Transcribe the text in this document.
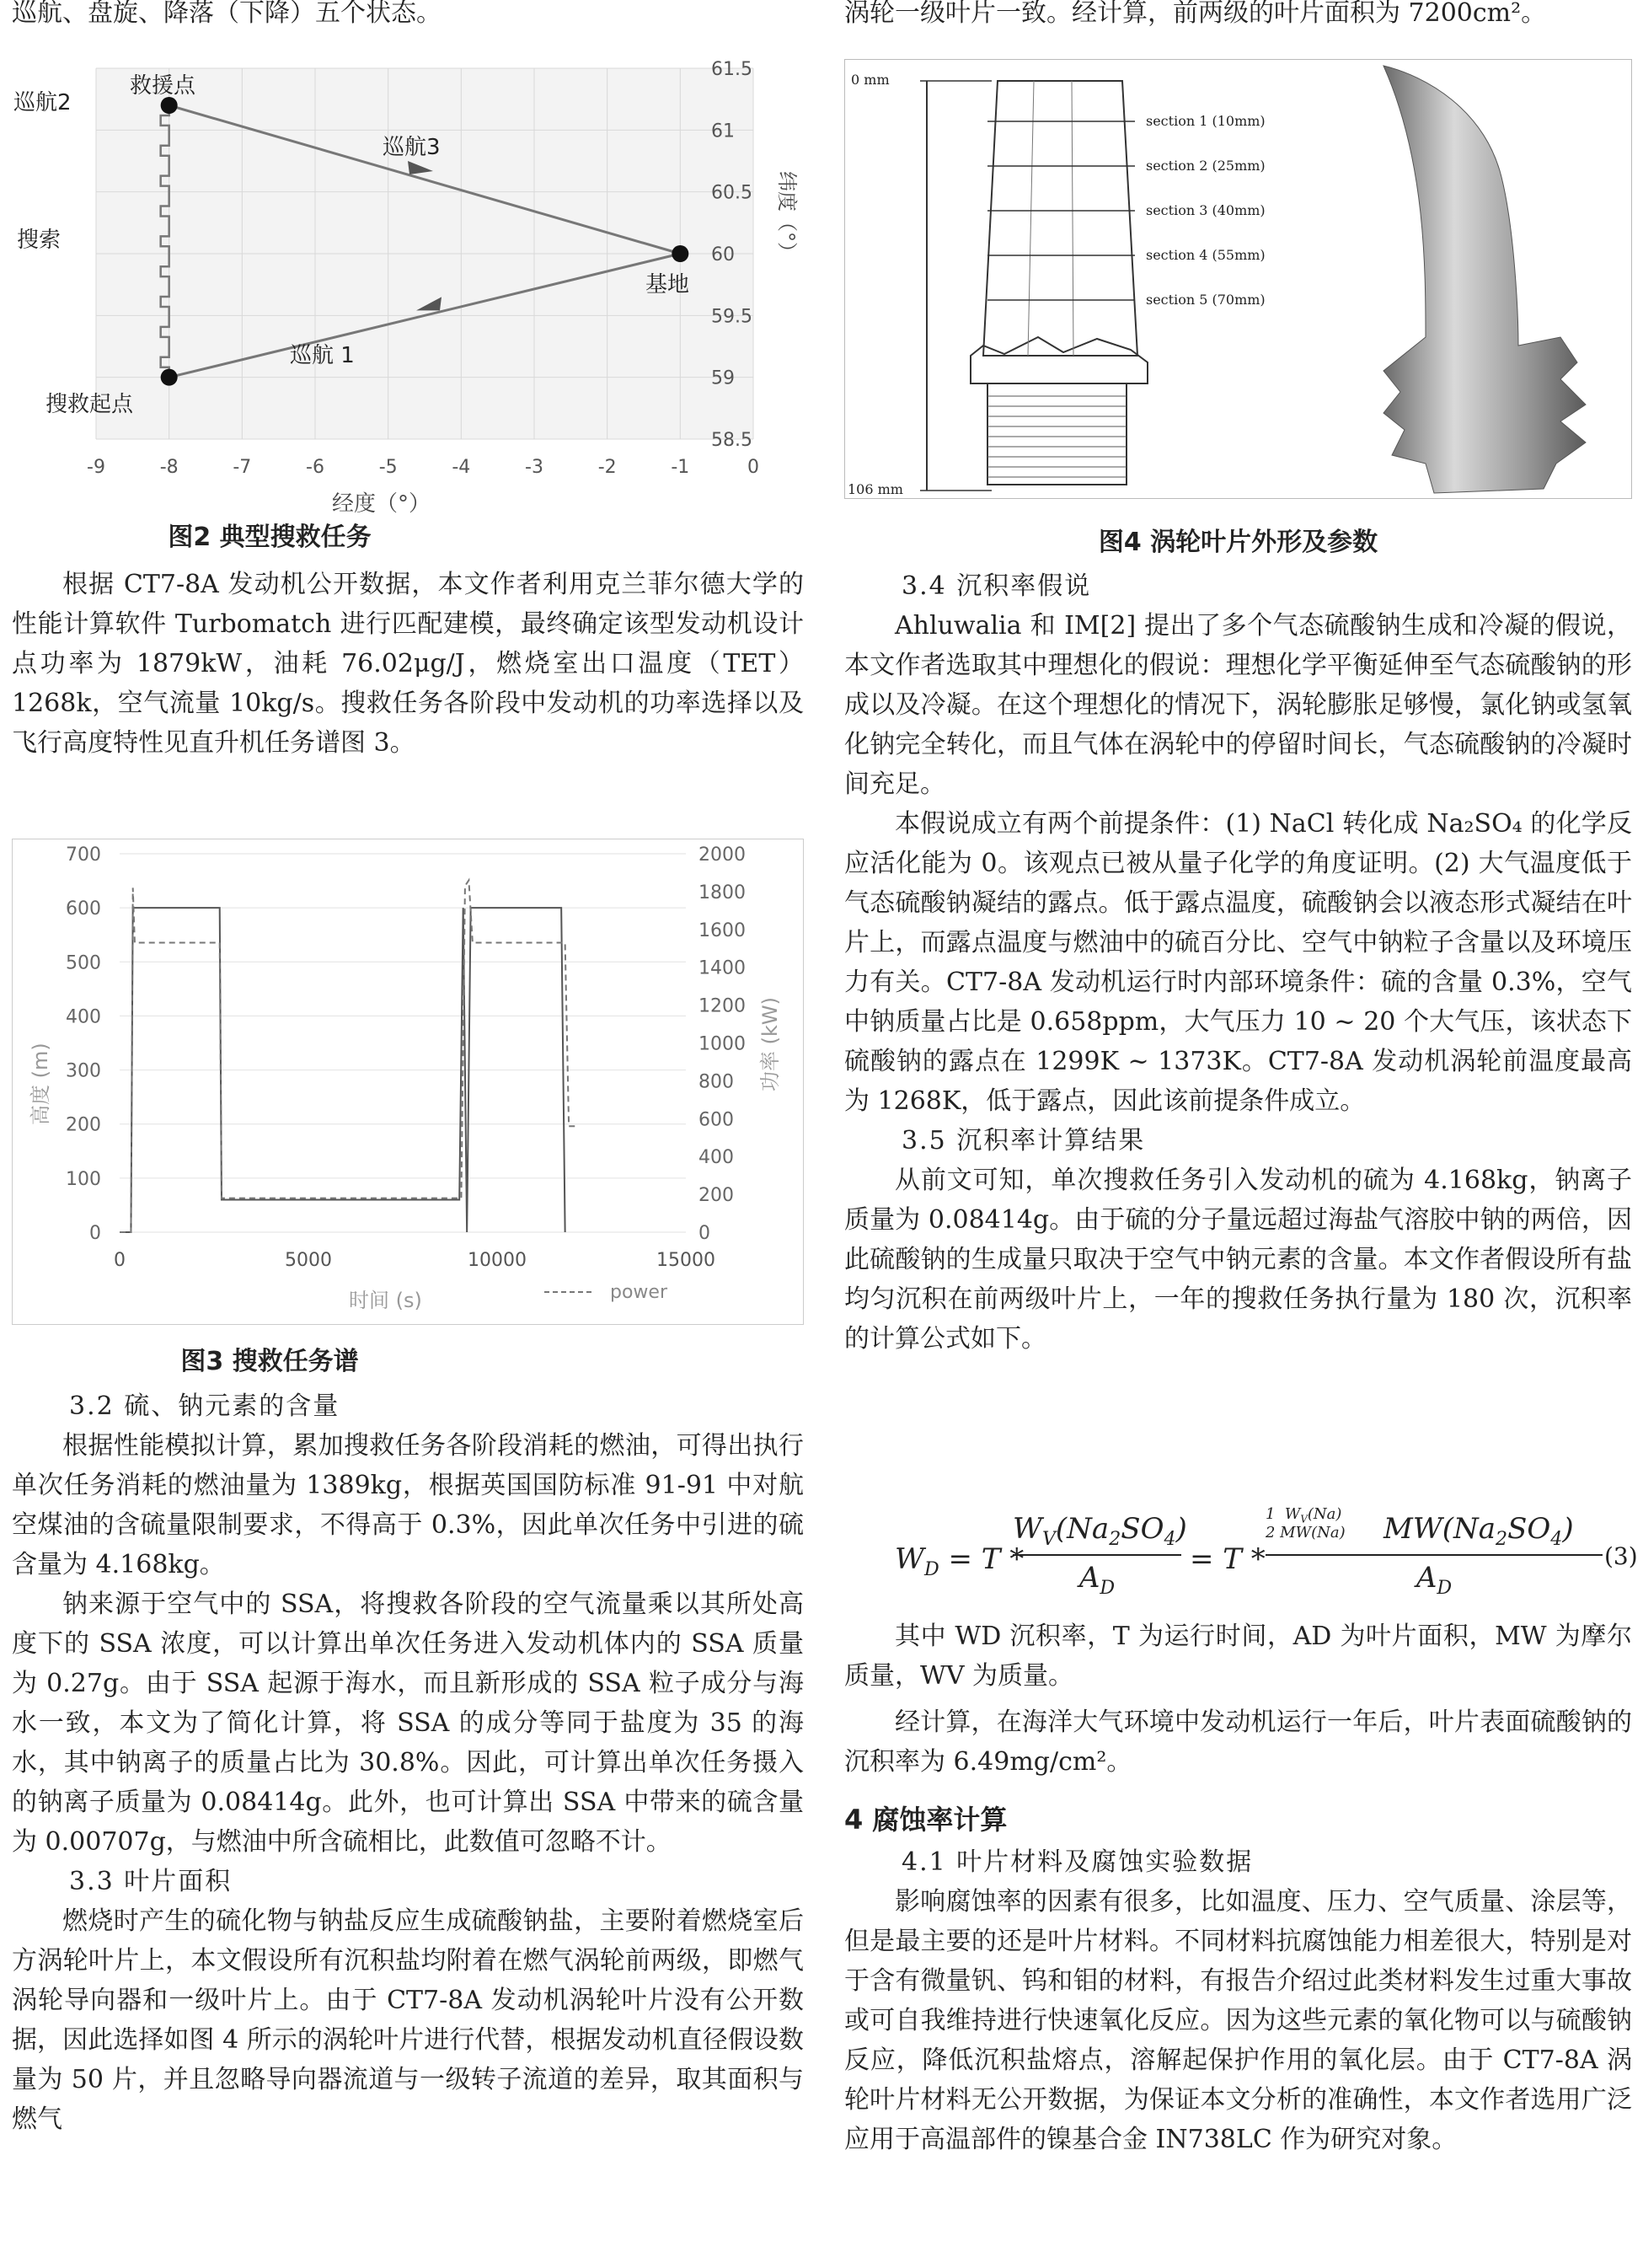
巡航、盘旋、降落（下降）五个状态。

-9	-8	-7	-6	-5	-4	-3	-2	-1	0
58.5
59
59.5
60
60.5
61
61.5
巡航2
救援点
巡航3
搜索
基地
巡航 1
搜救起点
经度（°）
纬度（°）

图2 典型搜救任务

根据 CT7-8A 发动机公开数据，本文作者利用克兰菲尔德大学的性能计算软件 Turbomatch 进行匹配建模，最终确定该型发动机设计点功率为 1879kW，油耗 76.02μg/J，燃烧室出口温度（TET）1268k，空气流量 10kg/s。搜救任务各阶段中发动机的功率选择以及飞行高度特性见直升机任务谱图 3。

0
100
200
300
400
500
600
700
0
200
400
600
800
1000
1200
1400
1600
1800
2000
0	5000	10000	15000
高度 (m)	功率 (kW)
时间 (s)	power

图3 搜救任务谱

3.2 硫、钠元素的含量

根据性能模拟计算，累加搜救任务各阶段消耗的燃油，可得出执行单次任务消耗的燃油量为 1389kg，根据英国国防标准 91-91 中对航空煤油的含硫量限制要求，不得高于 0.3%，因此单次任务中引进的硫含量为 4.168kg。

钠来源于空气中的 SSA，将搜救各阶段的空气流量乘以其所处高度下的 SSA 浓度，可以计算出单次任务进入发动机体内的 SSA 质量为 0.27g。由于 SSA 起源于海水，而且新形成的 SSA 粒子成分与海水一致，本文为了简化计算，将 SSA 的成分等同于盐度为 35 的海水，其中钠离子的质量占比为 30.8%。因此，可计算出单次任务摄入的钠离子质量为 0.08414g。此外，也可计算出 SSA 中带来的硫含量为 0.00707g，与燃油中所含硫相比，此数值可忽略不计。

3.3 叶片面积

燃烧时产生的硫化物与钠盐反应生成硫酸钠盐，主要附着燃烧室后方涡轮叶片上，本文假设所有沉积盐均附着在燃气涡轮前两级，即燃气涡轮导向器和一级叶片上。由于 CT7-8A 发动机涡轮叶片没有公开数据，因此选择如图 4 所示的涡轮叶片进行代替，根据发动机直径假设数量为 50 片，并且忽略导向器流道与一级转子流道的差异，取其面积与燃气

涡轮一级叶片一致。经计算，前两级的叶片面积为 7200cm²。

0 mm
106 mm
section 1 (10mm)
section 2 (25mm)
section 3 (40mm)
section 4 (55mm)
section 5 (70mm)

图4 涡轮叶片外形及参数

3.4 沉积率假说

Ahluwalia 和 IM[2] 提出了多个气态硫酸钠生成和冷凝的假说，本文作者选取其中理想化的假说：理想化学平衡延伸至气态硫酸钠的形成以及冷凝。在这个理想化的情况下，涡轮膨胀足够慢，氯化钠或氢氧化钠完全转化，而且气体在涡轮中的停留时间长，气态硫酸钠的冷凝时间充足。

本假说成立有两个前提条件：(1) NaCl 转化成 Na₂SO₄ 的化学反应活化能为 0。该观点已被从量子化学的角度证明。(2) 大气温度低于气态硫酸钠凝结的露点。低于露点温度，硫酸钠会以液态形式凝结在叶片上，而露点温度与燃油中的硫百分比、空气中钠粒子含量以及环境压力有关。CT7-8A 发动机运行时内部环境条件：硫的含量 0.3%，空气中钠质量占比是 0.658ppm，大气压力 10 ~ 20 个大气压，该状态下硫酸钠的露点在 1299K ~ 1373K。CT7-8A 发动机涡轮前温度最高为 1268K，低于露点，因此该前提条件成立。

3.5 沉积率计算结果

从前文可知，单次搜救任务引入发动机的硫为 4.168kg，钠离子质量为 0.08414g。由于硫的分子量远超过海盐气溶胶中钠的两倍，因此硫酸钠的生成量只取决于空气中钠元素的含量。本文作者假设所有盐均匀沉积在前两级叶片上，一年的搜救任务执行量为 180 次，沉积率的计算公式如下。

$W_D = T$ *
$W_V(Na_2SO_4)$
$A_D$
= T *
1  $W_V(Na)$
2 MW(Na) $MW(Na_2SO_4)$
$A_D$
(3)

其中 WD 沉积率，T 为运行时间，AD 为叶片面积，MW 为摩尔质量，WV 为质量。

经计算，在海洋大气环境中发动机运行一年后，叶片表面硫酸钠的沉积率为 6.49mg/cm²。

4 腐蚀率计算

4.1 叶片材料及腐蚀实验数据

影响腐蚀率的因素有很多，比如温度、压力、空气质量、涂层等，但是最主要的还是叶片材料。不同材料抗腐蚀能力相差很大，特别是对于含有微量钒、钨和钼的材料，有报告介绍过此类材料发生过重大事故或可自我维持进行快速氧化反应。因为这些元素的氧化物可以与硫酸钠反应，降低沉积盐熔点，溶解起保护作用的氧化层。由于 CT7-8A 涡轮叶片材料无公开数据，为保证本文分析的准确性，本文作者选用广泛应用于高温部件的镍基合金 IN738LC 作为研究对象。
